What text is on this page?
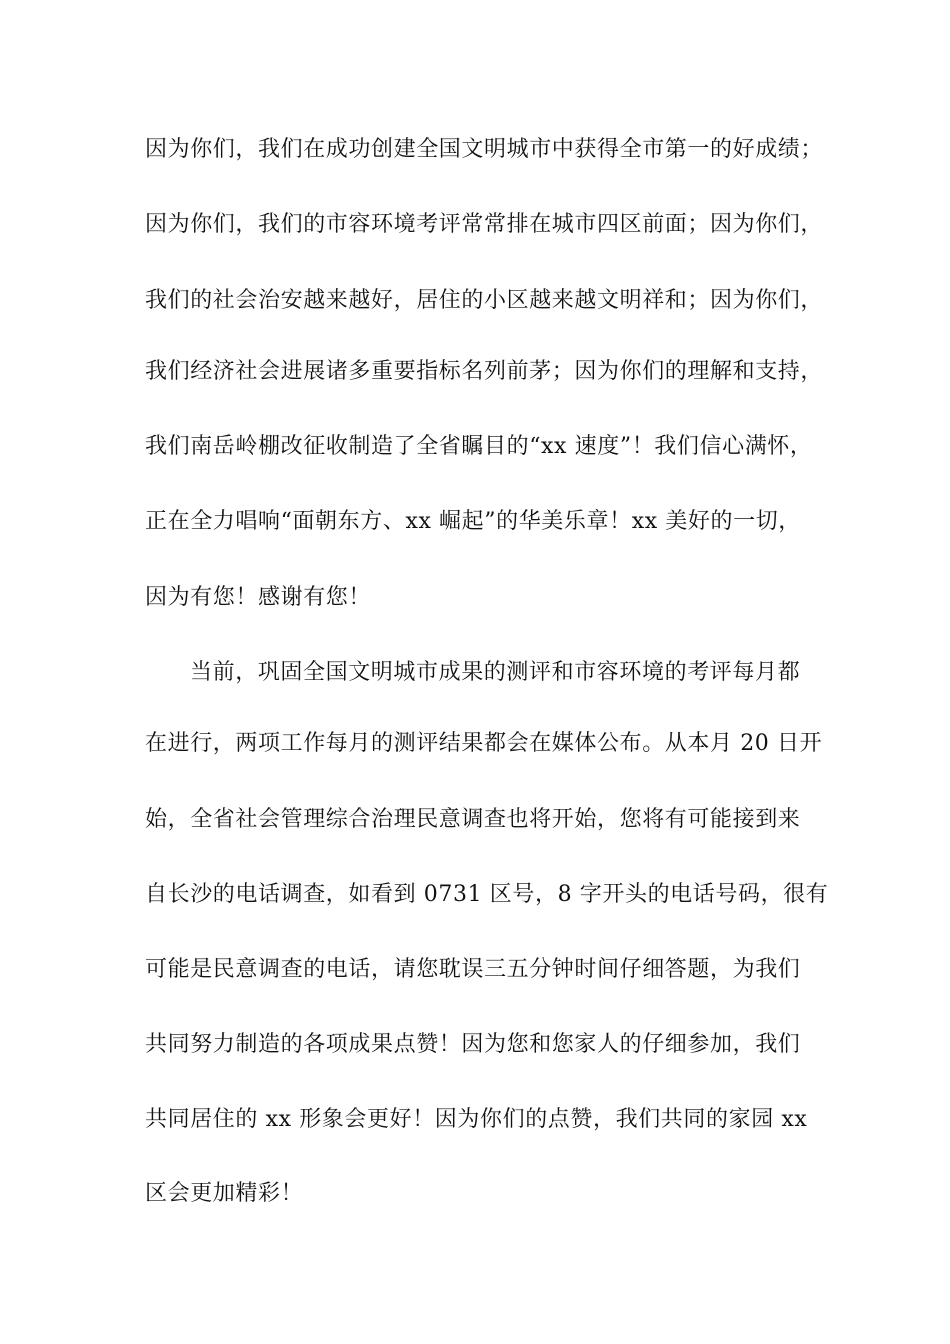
因为你们，我们在成功创建全国文明城市中获得全市第一的好成绩；
因为你们，我们的市容环境考评常常排在城市四区前面；因为你们，
我们的社会治安越来越好，居住的小区越来越文明祥和；因为你们，
我们经济社会进展诸多重要指标名列前茅；因为你们的理解和支持，
我们南岳岭棚改征收制造了全省瞩目的“xx 速度”！我们信心满怀，
正在全力唱响“面朝东方、xx 崛起”的华美乐章！xx 美好的一切，
因为有您！感谢有您！
当前，巩固全国文明城市成果的测评和市容环境的考评每月都
在进行，两项工作每月的测评结果都会在媒体公布。从本月 20 日开
始，全省社会管理综合治理民意调查也将开始，您将有可能接到来
自长沙的电话调查，如看到 0731 区号，8 字开头的电话号码，很有
可能是民意调查的电话，请您耽误三五分钟时间仔细答题，为我们
共同努力制造的各项成果点赞！因为您和您家人的仔细参加，我们
共同居住的 xx 形象会更好！因为你们的点赞，我们共同的家园 xx
区会更加精彩！
